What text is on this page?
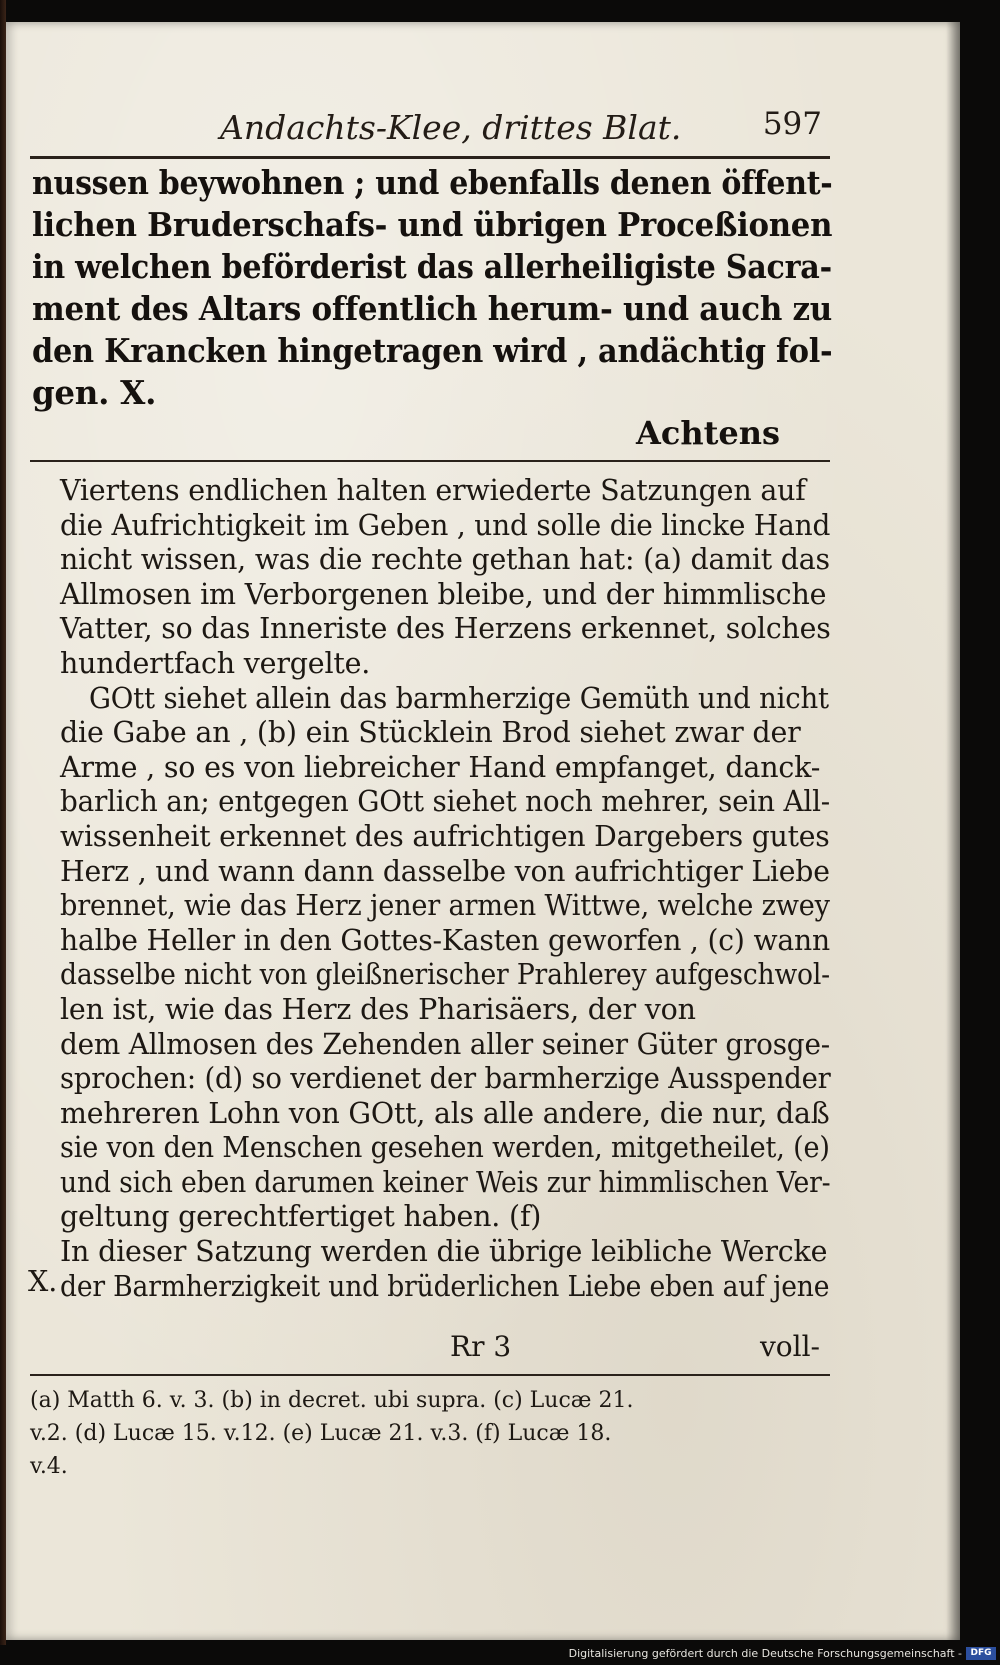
Andachts-Klee, drittes Blat.	597
nussen beywohnen ; und ebenfalls denen öffent-
lichen Bruderschafs- und übrigen Proceßionen
in welchen beförderist das allerheiligiste Sacra-
ment des Altars offentlich herum- und auch zu
den Krancken hingetragen wird , andächtig fol-
gen. X.
Achtens
Viertens endlichen halten erwiederte Satzungen auf
die Aufrichtigkeit im Geben , und solle die lincke Hand
nicht wissen, was die rechte gethan hat: (a) damit das
Allmosen im Verborgenen bleibe, und der himmlische
Vatter, so das Inneriste des Herzens erkennet, solches
hundertfach vergelte.
GOtt siehet allein das barmherzige Gemüth und nicht
die Gabe an , (b) ein Stücklein Brod siehet zwar der
Arme , so es von liebreicher Hand empfanget, danck-
barlich an; entgegen GOtt siehet noch mehrer, sein All-
wissenheit erkennet des aufrichtigen Dargebers gutes
Herz , und wann dann dasselbe von aufrichtiger Liebe
brennet, wie das Herz jener armen Wittwe, welche zwey
halbe Heller in den Gottes-Kasten geworfen , (c) wann
dasselbe nicht von gleißnerischer Prahlerey aufgeschwol-
len ist, wie das Herz des Pharisäers, der von
dem Allmosen des Zehenden aller seiner Güter grosge-
sprochen: (d) so verdienet der barmherzige Ausspender
mehreren Lohn von GOtt, als alle andere, die nur, daß
sie von den Menschen gesehen werden, mitgetheilet, (e)
und sich eben darumen keiner Weis zur himmlischen Ver-
geltung gerechtfertiget haben. (f)
In dieser Satzung werden die übrige leibliche Wercke
der Barmherzigkeit und brüderlichen Liebe eben auf jene
X.
Rr 3	voll-
(a) Matth 6. v. 3. (b) in decret. ubi supra. (c) Lucæ 21.
v.2. (d) Lucæ 15. v.12. (e) Lucæ 21. v.3. (f) Lucæ 18.
v.4.
Digitalisierung gefördert durch die Deutsche Forschungsgemeinschaft - DFG
